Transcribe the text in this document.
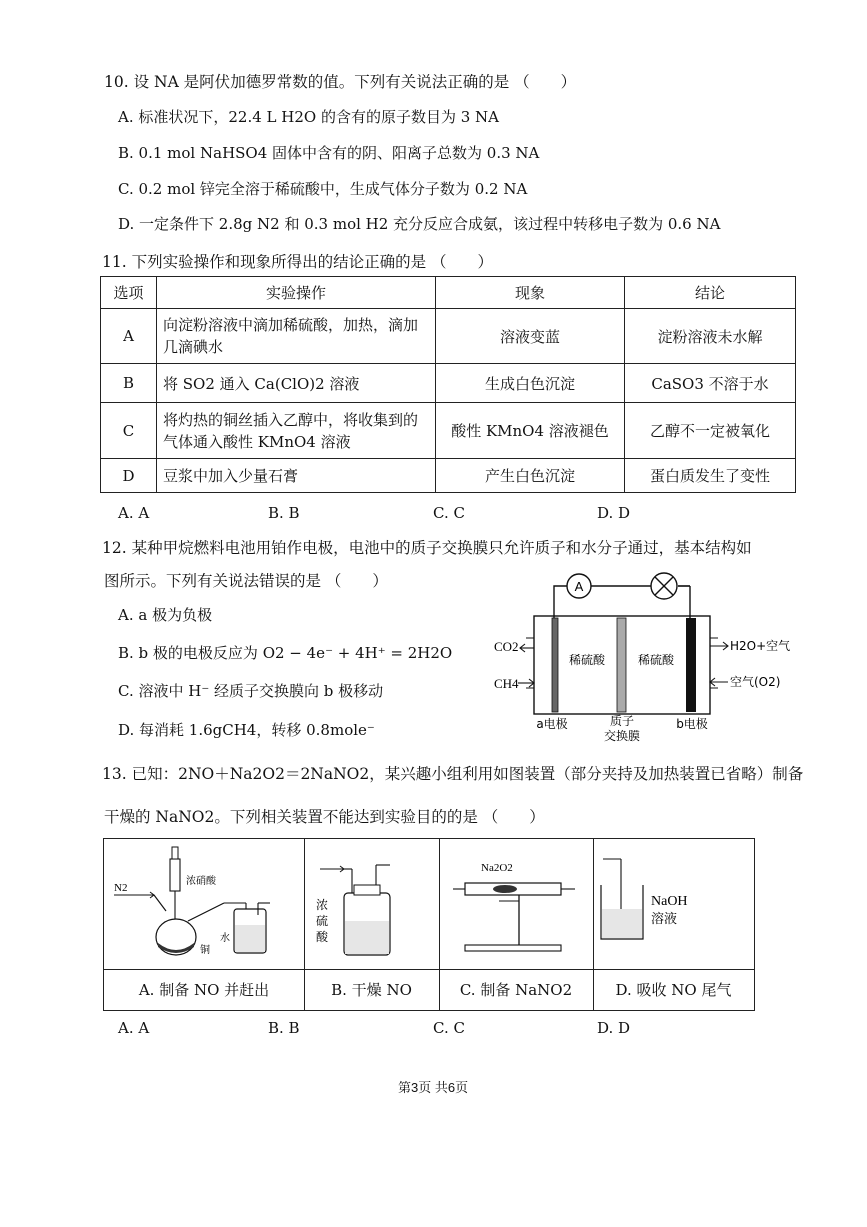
10. 设 NA 是阿伏加德罗常数的值。下列有关说法正确的是 （　　）
A. 标准状况下，22.4 L H2O 的含有的原子数目为 3 NA
B. 0.1 mol NaHSO4 固体中含有的阴、阳离子总数为 0.3 NA
C. 0.2 mol 锌完全溶于稀硫酸中，生成气体分子数为 0.2 NA
D. 一定条件下 2.8g N2 和 0.3 mol H2 充分反应合成氨，该过程中转移电子数为 0.6 NA
11. 下列实验操作和现象所得出的结论正确的是 （　　）
选项	实验操作	现象	结论
A	向淀粉溶液中滴加稀硫酸，加热，滴加几滴碘水	溶液变蓝	淀粉溶液未水解
B	将 SO2 通入 Ca(ClO)2 溶液	生成白色沉淀	CaSO3 不溶于水
C	将灼热的铜丝插入乙醇中，将收集到的气体通入酸性 KMnO4 溶液	酸性 KMnO4 溶液褪色	乙醇不一定被氧化
D	豆浆中加入少量石膏	产生白色沉淀	蛋白质发生了变性
A. A	B. B	C. C	D. D
12. 某种甲烷燃料电池用铂作电极，电池中的质子交换膜只允许质子和水分子通过，基本结构如
图所示。下列有关说法错误的是 （　　）
A. a 极为负极
B. b 极的电极反应为 O2 − 4e⁻ + 4H⁺ = 2H2O
C. 溶液中 H⁻ 经质子交换膜向 b 极移动
D. 每消耗 1.6gCH4，转移 0.8mole⁻
A
CO2
CH4
稀硫酸	稀硫酸
H2O+空气
空气(O2)
a电极	质子
交换膜
b电极
13. 已知：2NO＋Na2O2＝2NaNO2，某兴趣小组利用如图装置（部分夹持及加热装置已省略）制备
干燥的 NaNO2。下列相关装置不能达到实验目的的是 （　　）
N2
浓硝酸
水
铜
A. 制备 NO 并赶出
浓
硫
酸
B. 干燥 NO
Na2O2
C. 制备 NaNO2
NaOH
溶液
D. 吸收 NO 尾气
A. A	B. B	C. C	D. D
第3页 共6页
